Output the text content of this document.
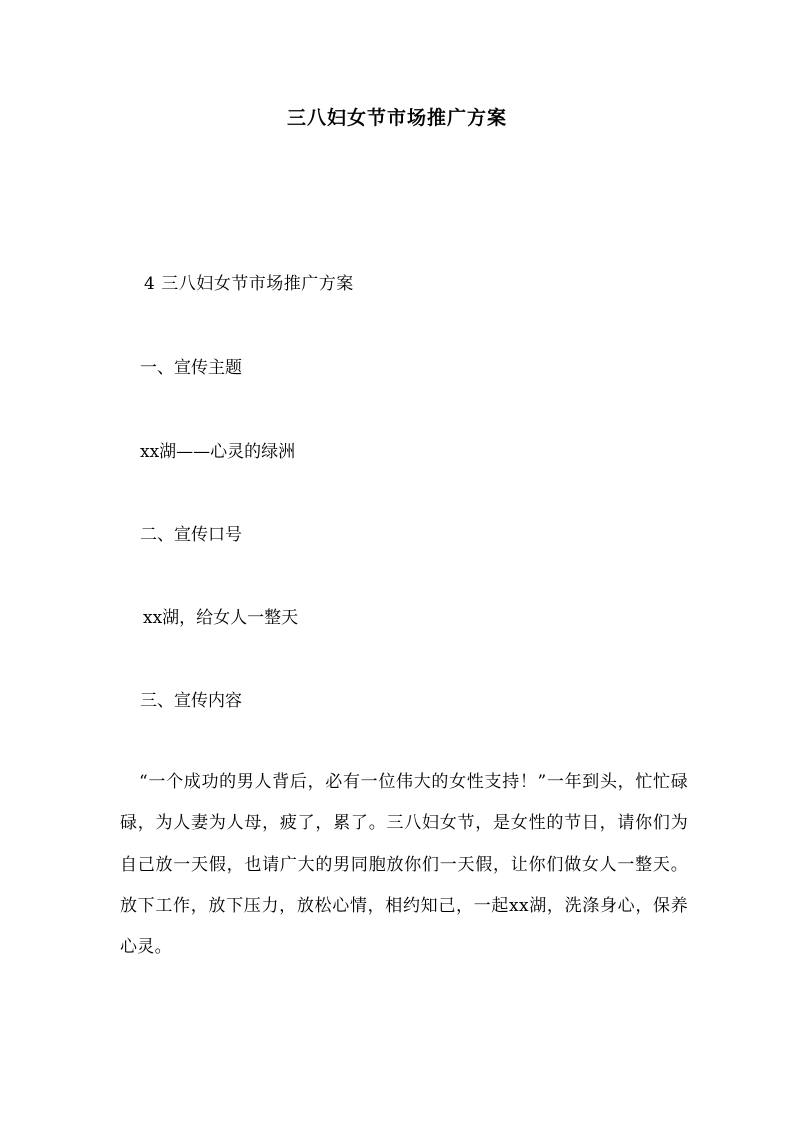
三八妇女节市场推广方案
4 三八妇女节市场推广方案
一、宣传主题
xx湖——心灵的绿洲
二、宣传口号
xx湖，给女人一整天
三、宣传内容

“一个成功的男人背后，必有一位伟大的女性支持！”一年到头，忙忙碌碌，为人妻为人母，疲了，累了。三八妇女节，是女性的节日，请你们为自己放一天假，也请广大的男同胞放你们一天假，让你们做女人一整天。放下工作，放下压力，放松心情，相约知己，一起xx湖，洗涤身心，保养心灵。
